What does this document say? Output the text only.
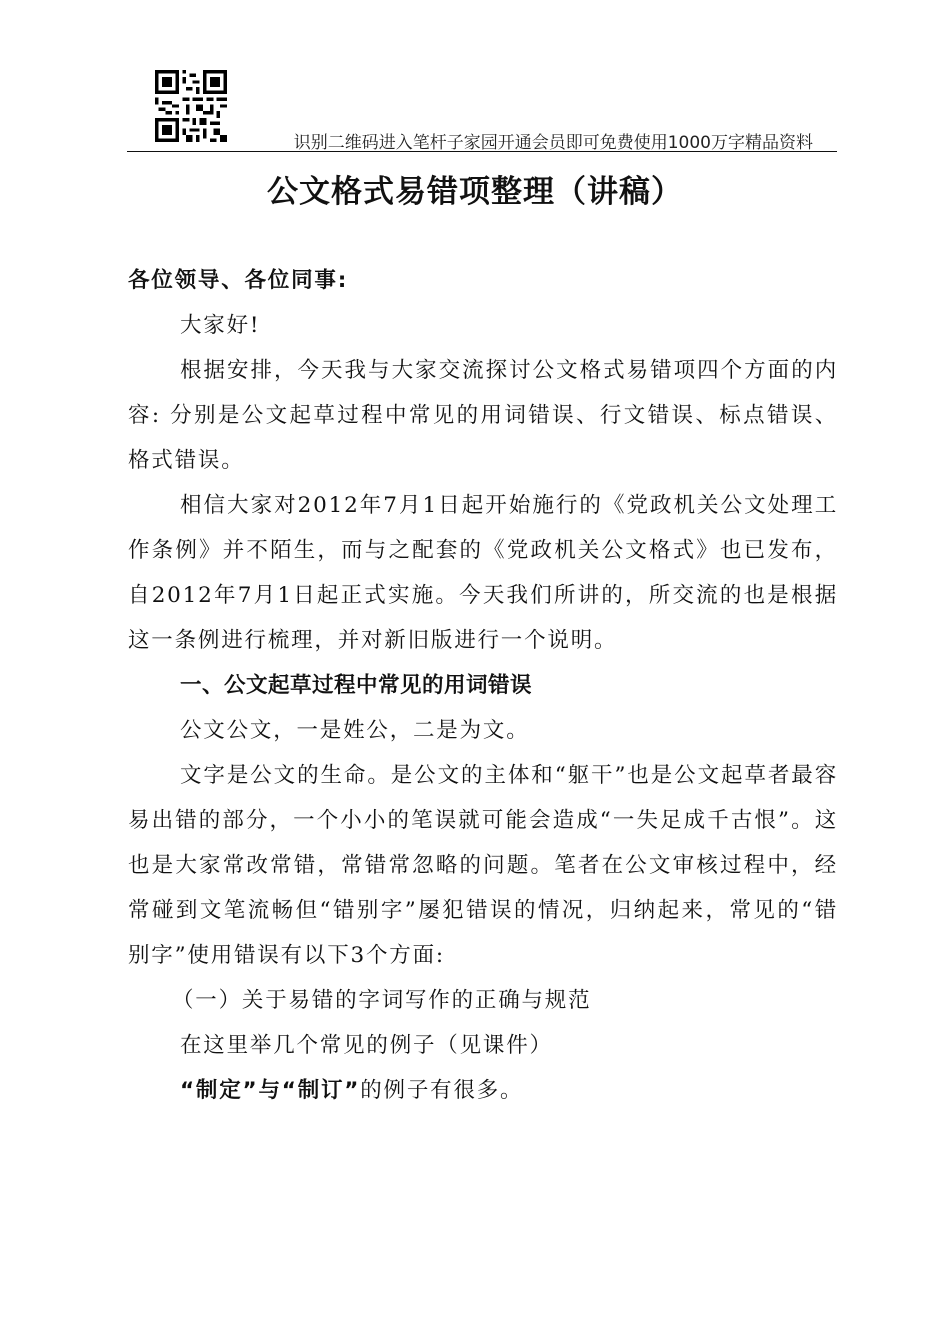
识别二维码进入笔杆子家园开通会员即可免费使用1000万字精品资料
公文格式易错项整理（讲稿）

各位领导、各位同事:

大家好!

根据安排，今天我与大家交流探讨公文格式易错项四个方面的内容: 分别是公文起草过程中常见的用词错误、行文错误、标点错误、格式错误。

相信大家对2012年7月1日起开始施行的《党政机关公文处理工作条例》并不陌生，而与之配套的《党政机关公文格式》也已发布，自2012年7月1日起正式实施。今天我们所讲的，所交流的也是根据这一条例进行梳理，并对新旧版进行一个说明。

一、公文起草过程中常见的用词错误

公文公文，一是姓公，二是为文。

文字是公文的生命。是公文的主体和“躯干”也是公文起草者最容易出错的部分，一个小小的笔误就可能会造成“一失足成千古恨”。这也是大家常改常错，常错常忽略的问题。笔者在公文审核过程中，经常碰到文笔流畅但“错别字”屡犯错误的情况，归纳起来，常见的“错别字”使用错误有以下3个方面:

（一）关于易错的字词写作的正确与规范

在这里举几个常见的例子（见课件）

“制定”与“制订”的例子有很多。
